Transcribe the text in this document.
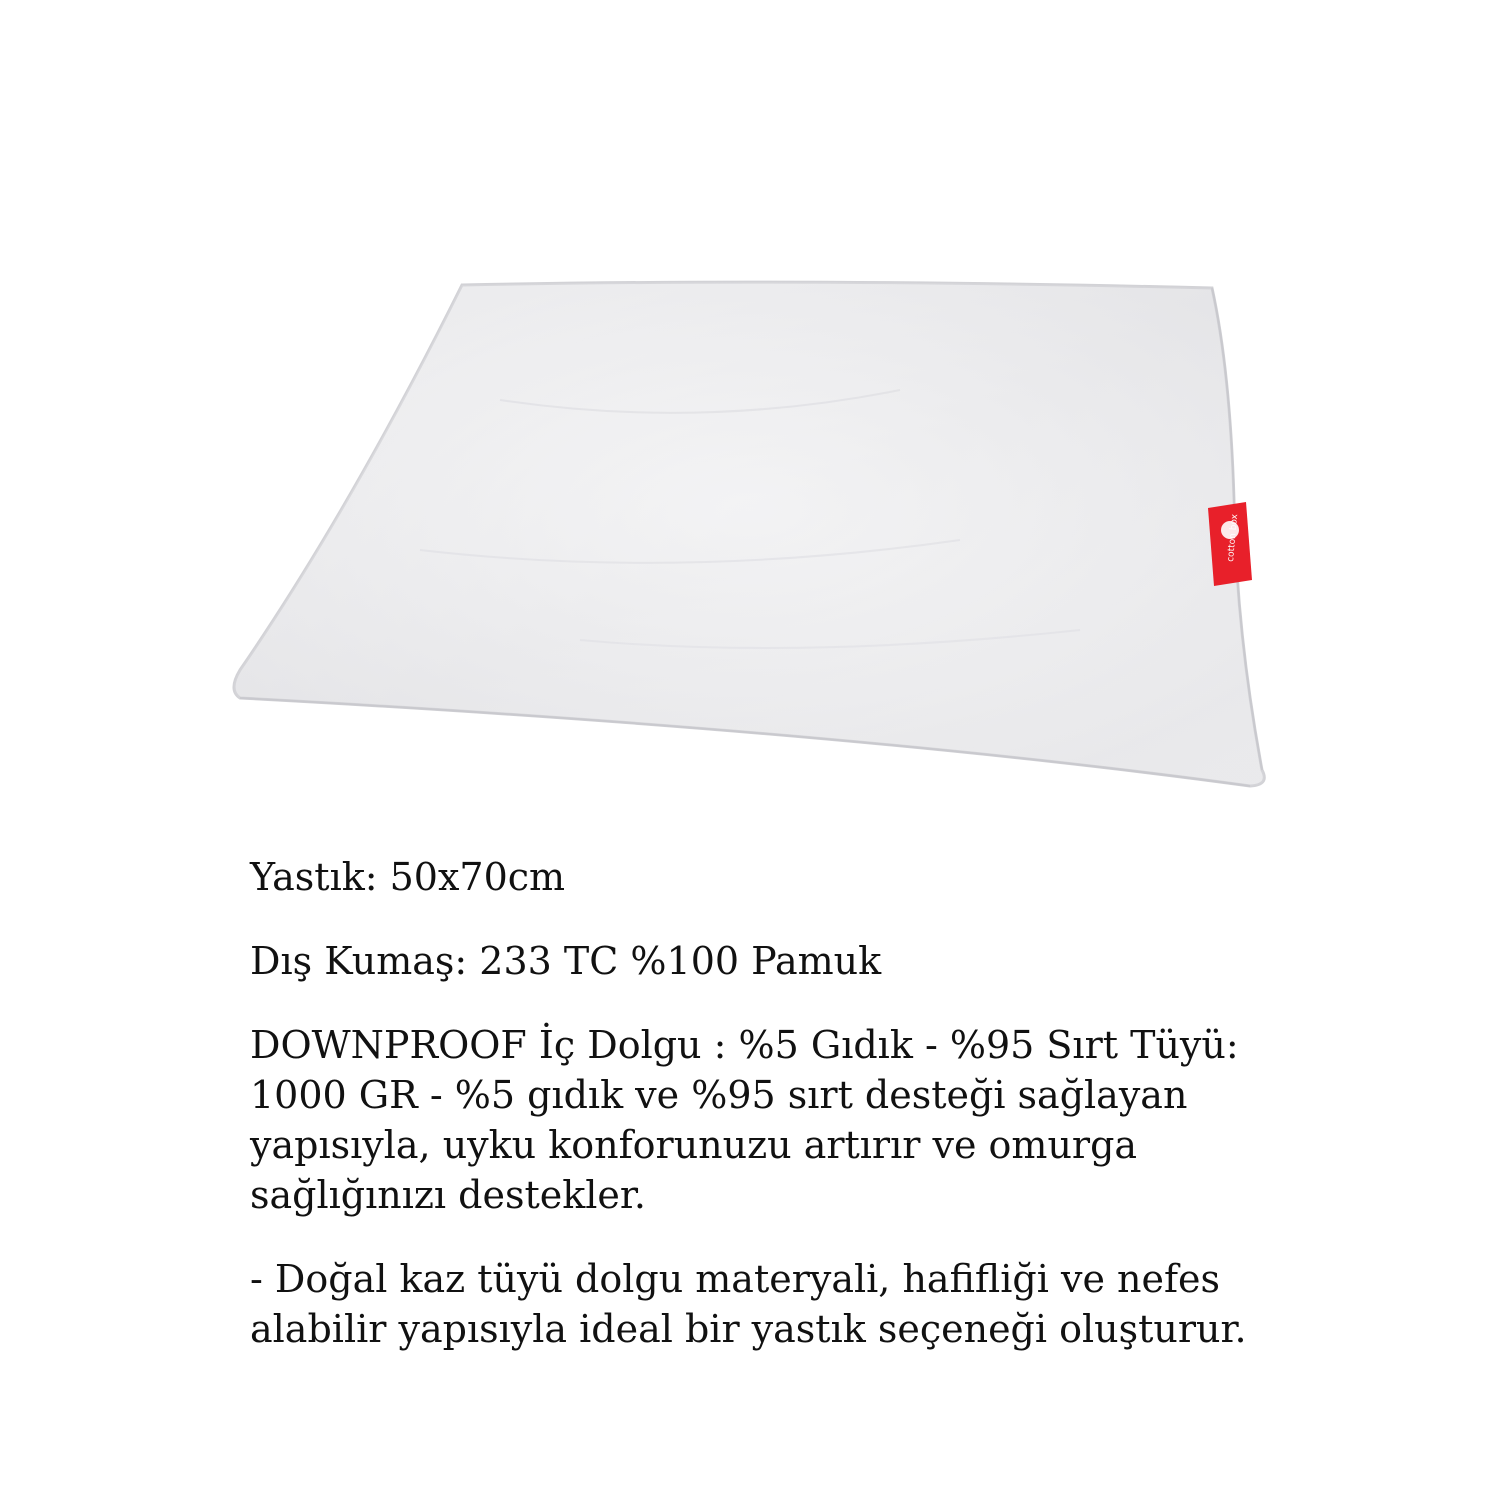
cotton box

Yastık: 50x70cm

Dış Kumaş: 233 TC %100 Pamuk

DOWNPROOF İç Dolgu : %5 Gıdık - %95 Sırt Tüyü: 1000 GR - %5 gıdık ve %95 sırt desteği sağlayan yapısıyla, uyku konforunuzu artırır ve omurga sağlığınızı destekler.

- Doğal kaz tüyü dolgu materyali, hafifliği ve nefes alabilir yapısıyla ideal bir yastık seçeneği oluşturur.
